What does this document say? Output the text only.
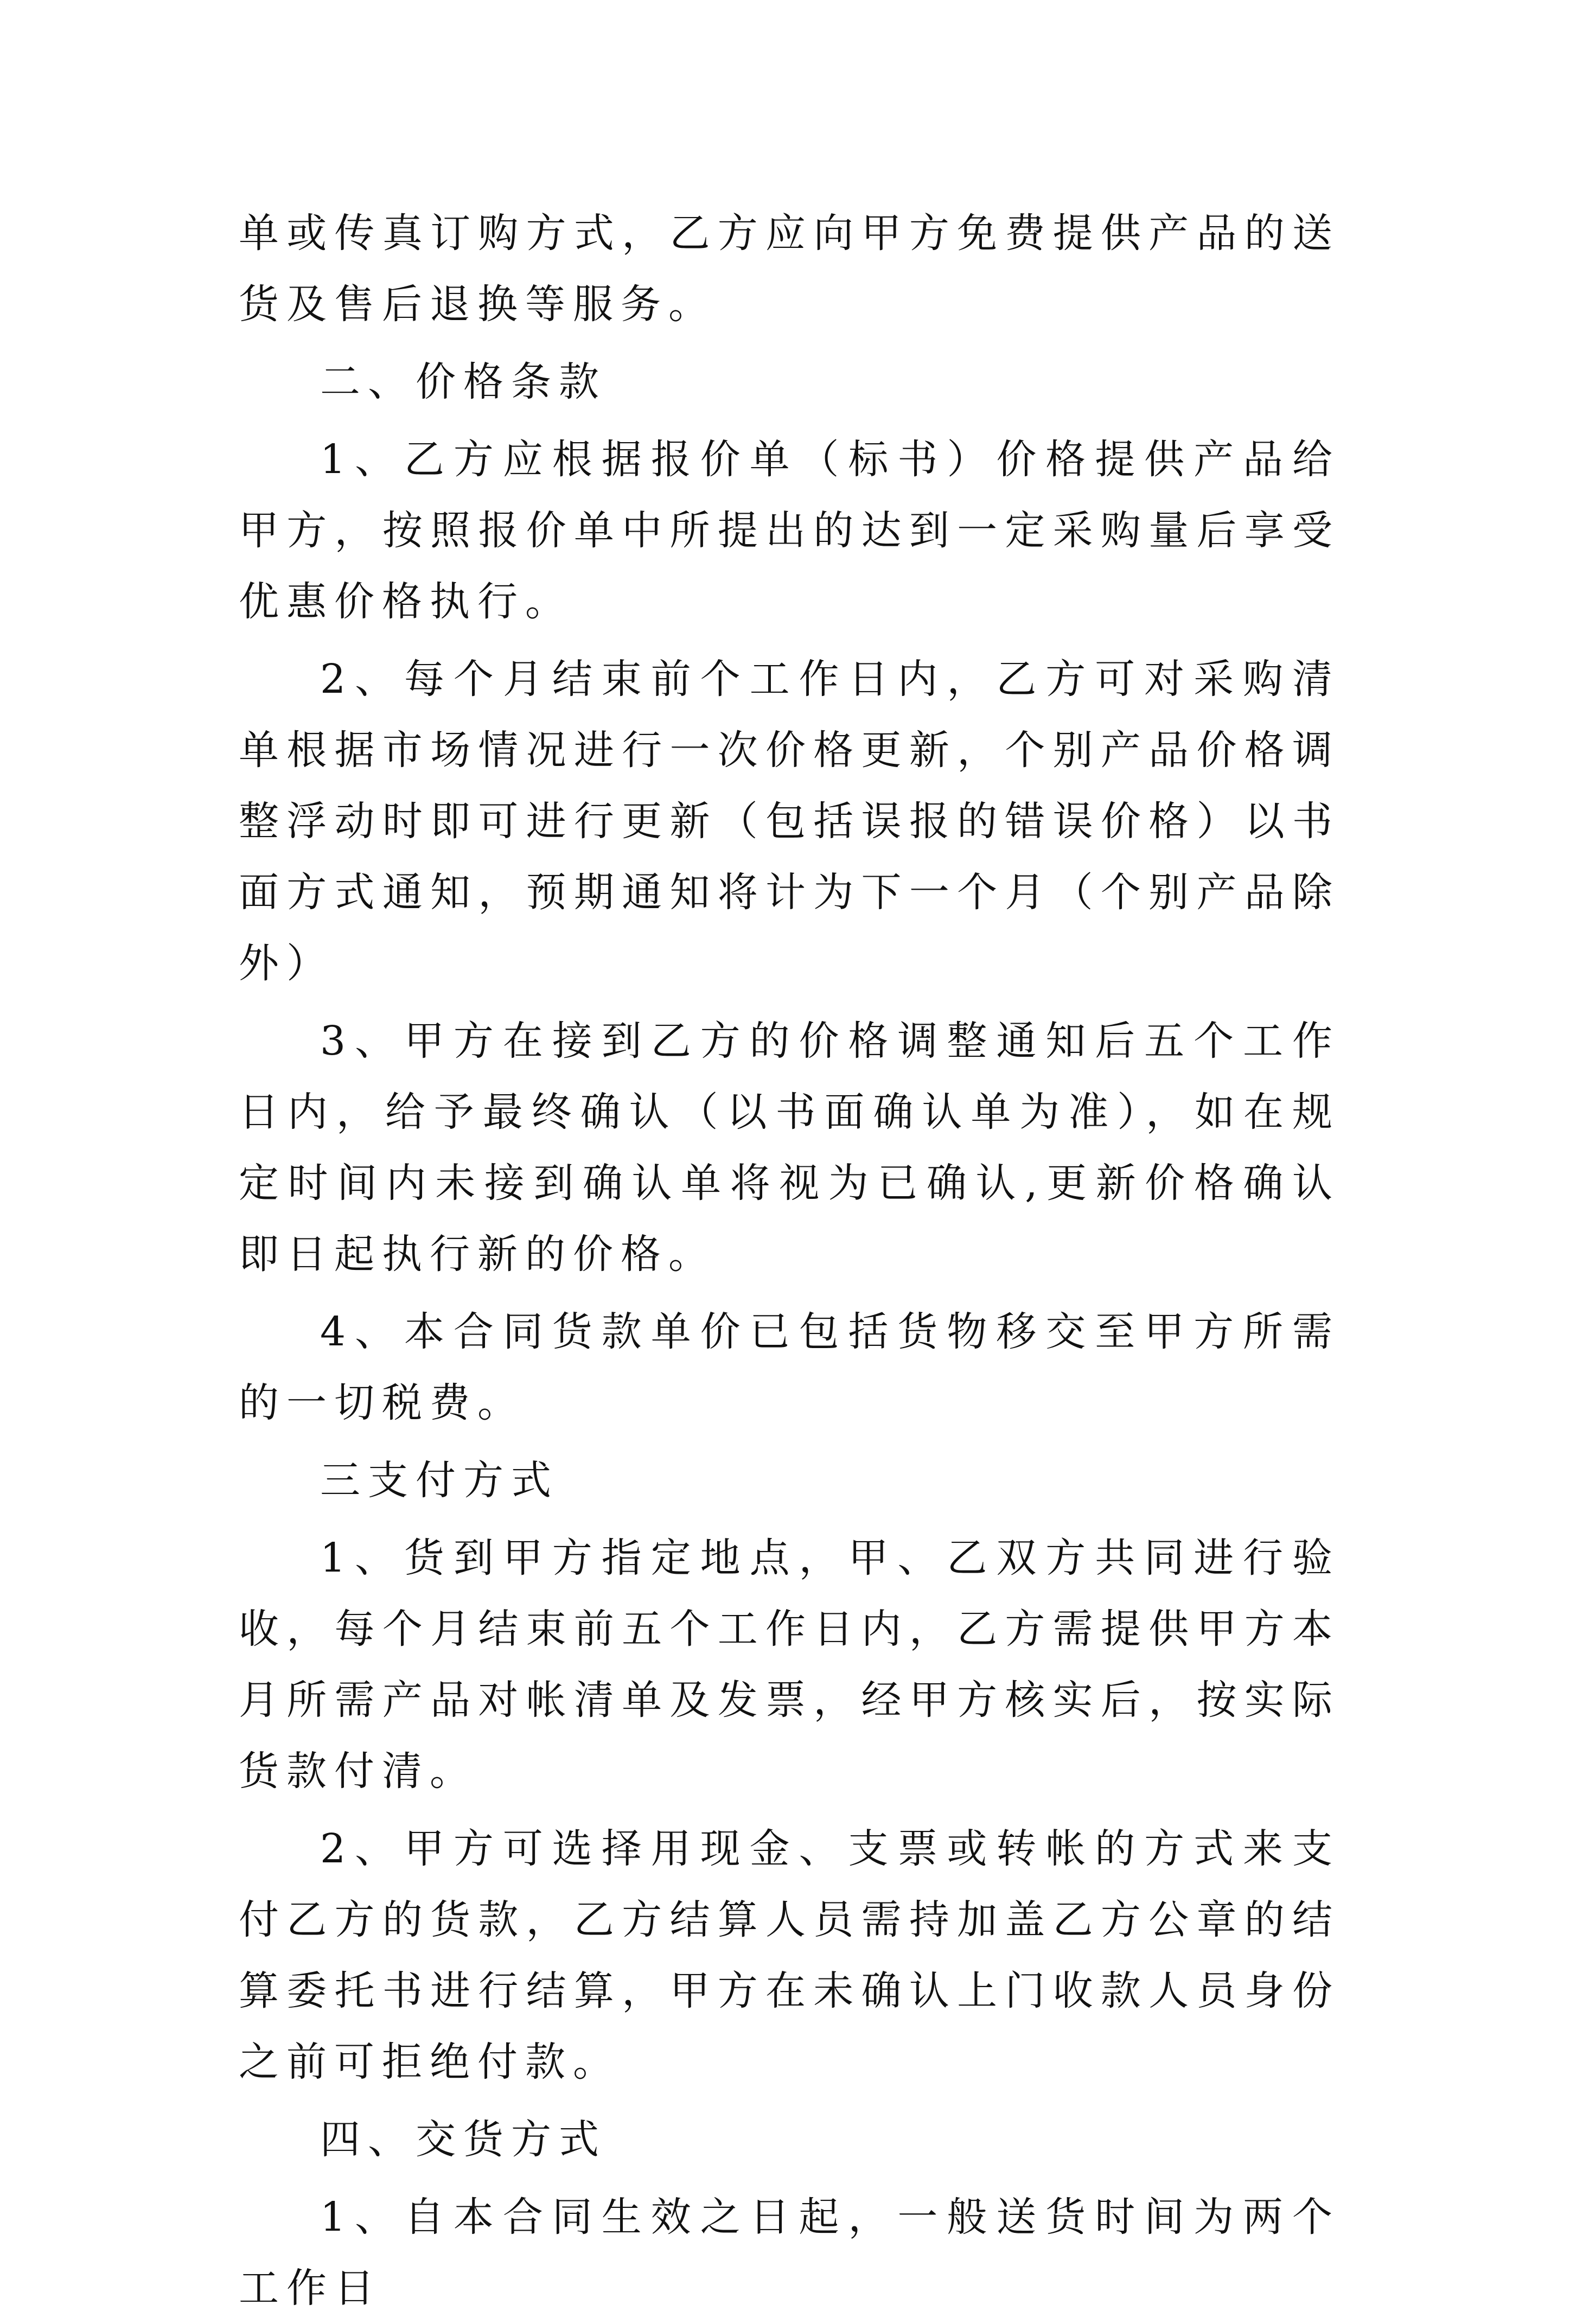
单或传真订购方式，乙方应向甲方免费提供产品的送货及售后退换等服务。

二、价格条款

1、乙方应根据报价单（标书）价格提供产品给甲方，按照报价单中所提出的达到一定采购量后享受优惠价格执行。

2、每个月结束前个工作日内，乙方可对采购清单根据市场情况进行一次价格更新，个别产品价格调整浮动时即可进行更新（包括误报的错误价格）以书面方式通知，预期通知将计为下一个月（个别产品除外）

3、甲方在接到乙方的价格调整通知后五个工作日内，给予最终确认（以书面确认单为准），如在规定时间内未接到确认单将视为已确认,更新价格确认即日起执行新的价格。

4、本合同货款单价已包括货物移交至甲方所需的一切税费。

三支付方式

1、货到甲方指定地点，甲、乙双方共同进行验收，每个月结束前五个工作日内，乙方需提供甲方本月所需产品对帐清单及发票，经甲方核实后，按实际货款付清。

2、甲方可选择用现金、支票或转帐的方式来支付乙方的货款，乙方结算人员需持加盖乙方公章的结算委托书进行结算，甲方在未确认上门收款人员身份之前可拒绝付款。

四、交货方式

1、自本合同生效之日起，一般送货时间为两个工作日
